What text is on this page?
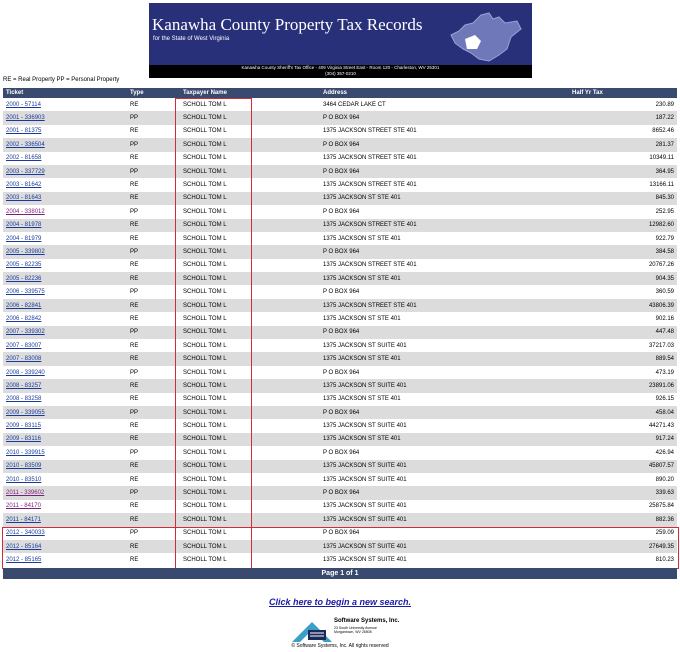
Kanawha County Property Tax Records
for the State of West Virginia
Kanawha County Sheriff's Tax Office - 409 Virginia Street East - Room 120 - Charleston, WV 25301
(304) 357-0210
RE = Real Property PP = Personal Property
Ticket	Type	Taxpayer Name	Address	Half Yr Tax
2000 - 57114	RE	SCHOLL TOM L	3464 CEDAR LAKE CT	230.89
2001 - 336903	PP	SCHOLL TOM L	P O BOX 964	187.22
2001 - 81375	RE	SCHOLL TOM L	1375 JACKSON STREET STE 401	8652.46
2002 - 336504	PP	SCHOLL TOM L	P O BOX 964	281.37
2002 - 81658	RE	SCHOLL TOM L	1375 JACKSON STREET STE 401	10349.11
2003 - 337729	PP	SCHOLL TOM L	P O BOX 964	364.95
2003 - 81642	RE	SCHOLL TOM L	1375 JACKSON STREET STE 401	13166.11
2003 - 81643	RE	SCHOLL TOM L	1375 JACKSON ST STE 401	845.30
2004 - 338012	PP	SCHOLL TOM L	P O BOX 964	252.95
2004 - 81978	RE	SCHOLL TOM L	1375 JACKSON STREET STE 401	12982.60
2004 - 81979	RE	SCHOLL TOM L	1375 JACKSON ST STE 401	922.79
2005 - 339802	PP	SCHOLL TOM L	P O BOX 964	384.58
2005 - 82235	RE	SCHOLL TOM L	1375 JACKSON STREET STE 401	20767.26
2005 - 82236	RE	SCHOLL TOM L	1375 JACKSON ST STE 401	904.35
2006 - 339575	PP	SCHOLL TOM L	P O BOX 964	360.59
2006 - 82841	RE	SCHOLL TOM L	1375 JACKSON STREET STE 401	43806.39
2006 - 82842	RE	SCHOLL TOM L	1375 JACKSON ST STE 401	902.16
2007 - 339302	PP	SCHOLL TOM L	P O BOX 964	447.48
2007 - 83007	RE	SCHOLL TOM L	1375 JACKSON ST SUITE 401	37217.03
2007 - 83008	RE	SCHOLL TOM L	1375 JACKSON ST STE 401	889.54
2008 - 339240	PP	SCHOLL TOM L	P O BOX 964	473.19
2008 - 83257	RE	SCHOLL TOM L	1375 JACKSON ST SUITE 401	23891.06
2008 - 83258	RE	SCHOLL TOM L	1375 JACKSON ST STE 401	926.15
2009 - 339055	PP	SCHOLL TOM L	P O BOX 964	458.04
2009 - 83115	RE	SCHOLL TOM L	1375 JACKSON ST SUITE 401	44271.43
2009 - 83116	RE	SCHOLL TOM L	1375 JACKSON ST STE 401	917.24
2010 - 339915	PP	SCHOLL TOM L	P O BOX 964	426.94
2010 - 83509	RE	SCHOLL TOM L	1375 JACKSON ST SUITE 401	45807.57
2010 - 83510	RE	SCHOLL TOM L	1375 JACKSON ST SUITE 401	890.20
2011 - 339602	PP	SCHOLL TOM L	P O BOX 964	339.63
2011 - 84170	RE	SCHOLL TOM L	1375 JACKSON ST SUITE 401	25875.84
2011 - 84171	RE	SCHOLL TOM L	1375 JACKSON ST SUITE 401	882.36
2012 - 340033	PP	SCHOLL TOM L	P O BOX 964	259.09
2012 - 85164	RE	SCHOLL TOM L	1375 JACKSON ST SUITE 401	27649.35
2012 - 85165	RE	SCHOLL TOM L	1375 JACKSON ST SUITE 401	810.23
Page 1 of 1
Click here to begin a new search.
Software Systems, Inc.
23 South University Avenue Morgantown, WV 26508
© Software Systems, Inc. All rights reserved
